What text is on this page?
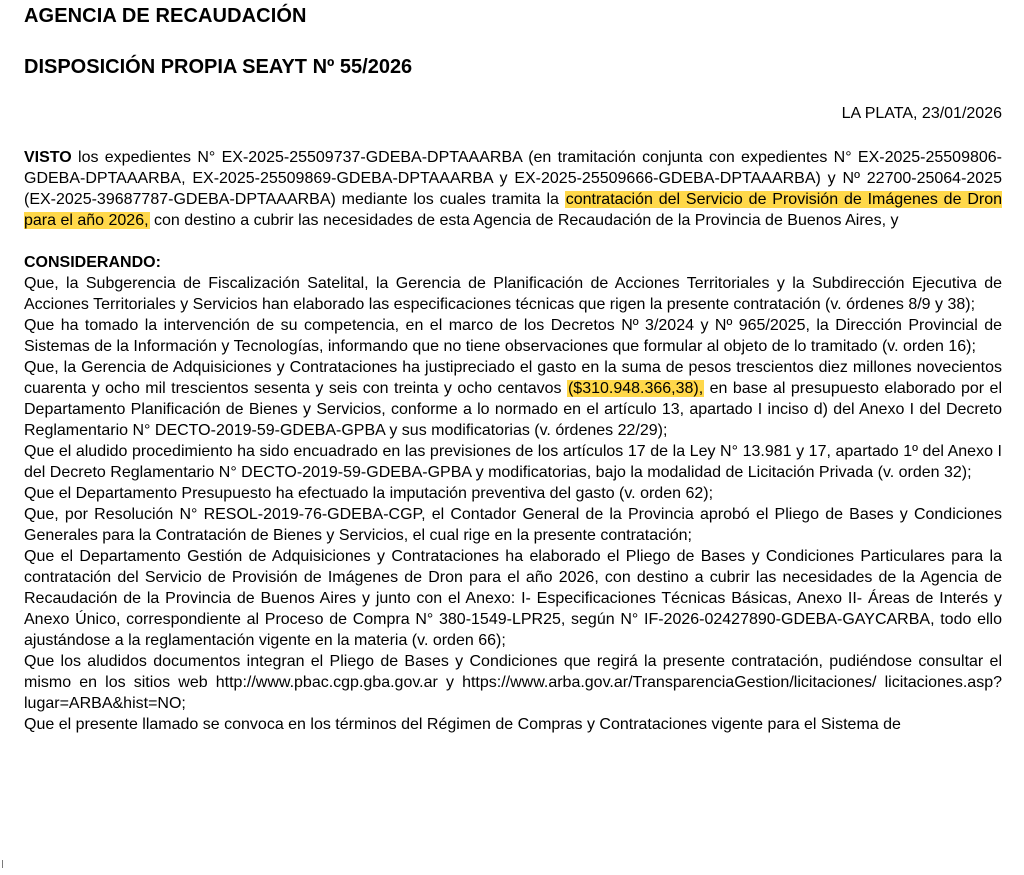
AGENCIA DE RECAUDACIÓN
DISPOSICIÓN PROPIA SEAYT Nº 55/2026

LA PLATA, 23/01/2026

VISTO los expedientes N° EX-2025-25509737-GDEBA-DPTAAARBA (en tramitación conjunta con expedientes N° EX-2025-25509806-GDEBA-DPTAAARBA, EX-2025-25509869-GDEBA-DPTAAARBA y EX-2025-25509666-GDEBA-DPTAAARBA) y Nº 22700-25064-2025 (EX-2025-39687787-GDEBA-DPTAAARBA) mediante los cuales tramita la contratación del Servicio de Provisión de Imágenes de Dron para el año 2026, con destino a cubrir las necesidades de esta Agencia de Recaudación de la Provincia de Buenos Aires, y

CONSIDERANDO:

Que, la Subgerencia de Fiscalización Satelital, la Gerencia de Planificación de Acciones Territoriales y la Subdirección Ejecutiva de Acciones Territoriales y Servicios han elaborado las especificaciones técnicas que rigen la presente contratación (v. órdenes 8/9 y 38);

Que ha tomado la intervención de su competencia, en el marco de los Decretos Nº 3/2024 y Nº 965/2025, la Dirección Provincial de Sistemas de la Información y Tecnologías, informando que no tiene observaciones que formular al objeto de lo tramitado (v. orden 16);

Que, la Gerencia de Adquisiciones y Contrataciones ha justipreciado el gasto en la suma de pesos trescientos diez millones novecientos cuarenta y ocho mil trescientos sesenta y seis con treinta y ocho centavos ($310.948.366,38), en base al presupuesto elaborado por el Departamento Planificación de Bienes y Servicios, conforme a lo normado en el artículo 13, apartado I inciso d) del Anexo I del Decreto Reglamentario N° DECTO-2019-59-GDEBA-GPBA y sus modificatorias (v. órdenes 22/29);

Que el aludido procedimiento ha sido encuadrado en las previsiones de los artículos 17 de la Ley N° 13.981 y 17, apartado 1º del Anexo I del Decreto Reglamentario N° DECTO-2019-59-GDEBA-GPBA y modificatorias, bajo la modalidad de Licitación Privada (v. orden 32);

Que el Departamento Presupuesto ha efectuado la imputación preventiva del gasto (v. orden 62);

Que, por Resolución N° RESOL-2019-76-GDEBA-CGP, el Contador General de la Provincia aprobó el Pliego de Bases y Condiciones Generales para la Contratación de Bienes y Servicios, el cual rige en la presente contratación;

Que el Departamento Gestión de Adquisiciones y Contrataciones ha elaborado el Pliego de Bases y Condiciones Particulares para la contratación del Servicio de Provisión de Imágenes de Dron para el año 2026, con destino a cubrir las necesidades de la Agencia de Recaudación de la Provincia de Buenos Aires y junto con el Anexo: I- Especificaciones Técnicas Básicas, Anexo II- Áreas de Interés y Anexo Único, correspondiente al Proceso de Compra N° 380-1549-LPR25, según N° IF-2026-02427890-GDEBA-GAYCARBA, todo ello ajustándose a la reglamentación vigente en la materia (v. orden 66);

Que los aludidos documentos integran el Pliego de Bases y Condiciones que regirá la presente contratación, pudiéndose consultar el mismo en los sitios web http://www.pbac.cgp.gba.gov.ar y https://www.arba.gov.ar/TransparenciaGestion/licitaciones/ licitaciones.asp?lugar=ARBA&hist=NO;

Que el presente llamado se convoca en los términos del Régimen de Compras y Contrataciones vigente para el Sistema de
